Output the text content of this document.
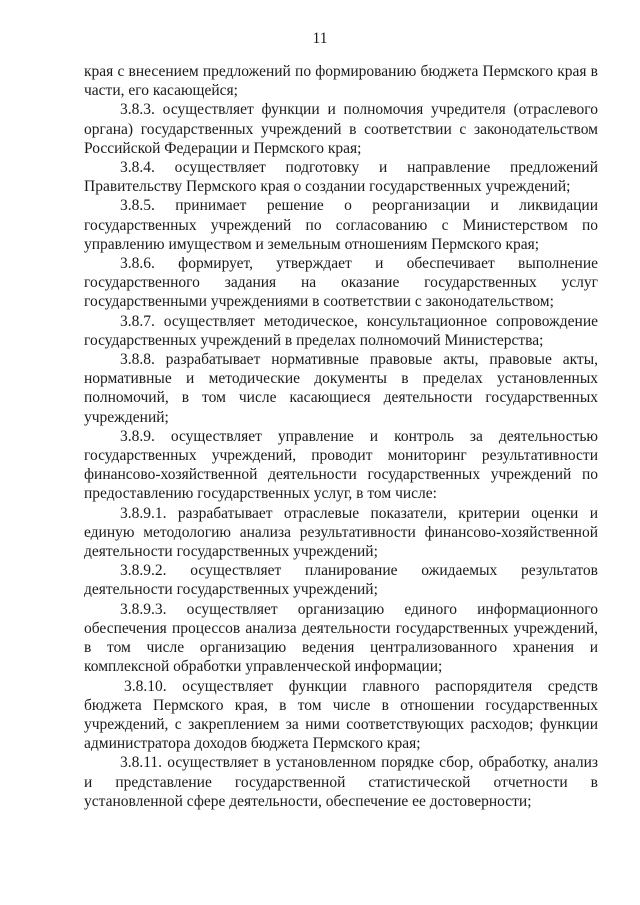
11

края с внесением предложений по формированию бюджета Пермского края в части, его касающейся;

3.8.3. осуществляет функции и полномочия учредителя (отраслевого органа) государственных учреждений в соответствии с законодательством Российской Федерации и Пермского края;

3.8.4. осуществляет подготовку и направление предложений Правительству Пермского края о создании государственных учреждений;

3.8.5. принимает решение о реорганизации и ликвидации государственных учреждений по согласованию с Министерством по управлению имуществом и земельным отношениям Пермского края;

3.8.6. формирует, утверждает и обеспечивает выполнение государственного задания на оказание государственных услуг государственными учреждениями в соответствии с законодательством;

3.8.7. осуществляет методическое, консультационное сопровождение государственных учреждений в пределах полномочий Министерства;

3.8.8. разрабатывает нормативные правовые акты, правовые акты, нормативные и методические документы в пределах установленных полномочий, в том числе касающиеся деятельности государственных учреждений;

3.8.9. осуществляет управление и контроль за деятельностью государственных учреждений, проводит мониторинг результативности финансово-хозяйственной деятельности государственных учреждений по предоставлению государственных услуг, в том числе:

3.8.9.1. разрабатывает отраслевые показатели, критерии оценки и единую методологию анализа результативности финансово-хозяйственной деятельности государственных учреждений;

3.8.9.2. осуществляет планирование ожидаемых результатов деятельности государственных учреждений;

3.8.9.3. осуществляет организацию единого информационного обеспечения процессов анализа деятельности государственных учреждений, в том числе организацию ведения централизованного хранения и комплексной обработки управленческой информации;

3.8.10. осуществляет функции главного распорядителя средств бюджета Пермского края, в том числе в отношении государственных учреждений, с закреплением за ними соответствующих расходов; функции администратора доходов бюджета Пермского края;

3.8.11. осуществляет в установленном порядке сбор, обработку, анализ и представление государственной статистической отчетности в установленной сфере деятельности, обеспечение ее достоверности;
